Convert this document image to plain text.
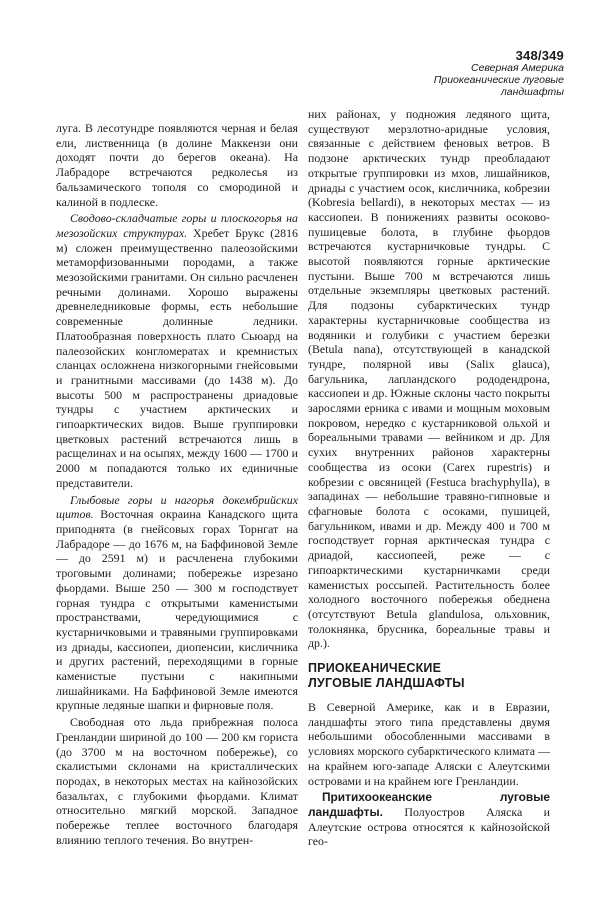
348/349
Северная Америка
Приокеанические луговые
ландшафты

луга. В лесотундре появляются черная и белая ели, лиственница (в долине Маккензи они доходят почти до берегов океана). На Лабрадоре встречаются редколесья из бальзамического тополя со смородиной и калиной в подлеске.

Сводово-складчатые горы и плоскогорья на мезозойских структурах. Хребет Брукс (2816 м) сложен преимущественно палеозойскими метаморфизованными породами, а также мезозойскими гранитами. Он сильно расчленен речными долинами. Хорошо выражены древнеледниковые формы, есть небольшие современные долинные ледники. Платообразная поверхность плато Сьюард на палеозойских конгломератах и кремнистых сланцах осложнена низкогорными гнейсовыми и гранитными массивами (до 1438 м). До высоты 500 м распространены дриадовые тундры с участием арктических и гипоарктических видов. Выше группировки цветковых растений встречаются лишь в расщелинах и на осыпях, между 1600 — 1700 и 2000 м попадаются только их единичные представители.

Глыбовые горы и нагорья докембрийских щитов. Восточная окраина Канадского щита приподнята (в гнейсовых горах Торнгат на Лабрадоре — до 1676 м, на Баффиновой Земле — до 2591 м) и расчленена глубокими троговыми долинами; побережье изрезано фьордами. Выше 250 — 300 м господствует горная тундра с открытыми каменистыми пространствами, чередующимися с кустарничковыми и травяными группировками из дриады, кассиопеи, диопенсии, кисличника и других растений, переходящими в горные каменистые пустыни с накипными лишайниками. На Баффиновой Земле имеются крупные ледяные шапки и фирновые поля.

Свободная ото льда прибрежная полоса Гренландии шириной до 100 — 200 км гориста (до 3700 м на восточном побережье), со скалистыми склонами на кристаллических породах, в некоторых местах на кайнозойских базальтах, с глубокими фьордами. Климат относительно мягкий морской. Западное побережье теплее восточного благодаря влиянию теплого течения. Во внутрен-

них районах, у подножия ледяного щита, существуют мерзлотно-аридные условия, связанные с действием феновых ветров. В подзоне арктических тундр преобладают открытые группировки из мхов, лишайников, дриады с участием осок, кисличника, кобрезии (Kobresia bellardi), в некоторых местах — из кассиопеи. В понижениях развиты осоково-пушицевые болота, в глубине фьордов встречаются кустарничковые тундры. С высотой появляются горные арктические пустыни. Выше 700 м встречаются лишь отдельные экземпляры цветковых растений. Для подзоны субарктических тундр характерны кустарничковые сообщества из водяники и голубики с участием березки (Betula nana), отсутствующей в канадской тундре, полярной ивы (Salix glauca), багульника, лапландского рододендрона, кассиопеи и др. Южные склоны часто покрыты зарослями ерника с ивами и мощным моховым покровом, нередко с кустарниковой ольхой и бореальными травами — вейником и др. Для сухих внутренних районов характерны сообщества из осоки (Carex rupestris) и кобрезии с овсяницей (Festuca brachyphylla), в западинах — небольшие травяно-гипновые и сфагновые болота с осоками, пушицей, багульником, ивами и др. Между 400 и 700 м господствует горная арктическая тундра с дриадой, кассиопеей, реже — с гипоарктическими кустарничками среди каменистых россыпей. Растительность более холодного восточного побережья обеднена (отсутствуют Betula glandulosa, ольховник, толокнянка, брусника, бореальные травы и др.).

ПРИОКЕАНИЧЕСКИЕ
ЛУГОВЫЕ ЛАНДШАФТЫ

В Северной Америке, как и в Евразии, ландшафты этого типа представлены двумя небольшими обособленными массивами в условиях морского субарктического климата — на крайнем юго-западе Аляски с Алеутскими островами и на крайнем юге Гренландии.

Притихоокеанские луговые ландшафты. Полуостров Аляска и Алеутские острова относятся к кайнозойской гео-
